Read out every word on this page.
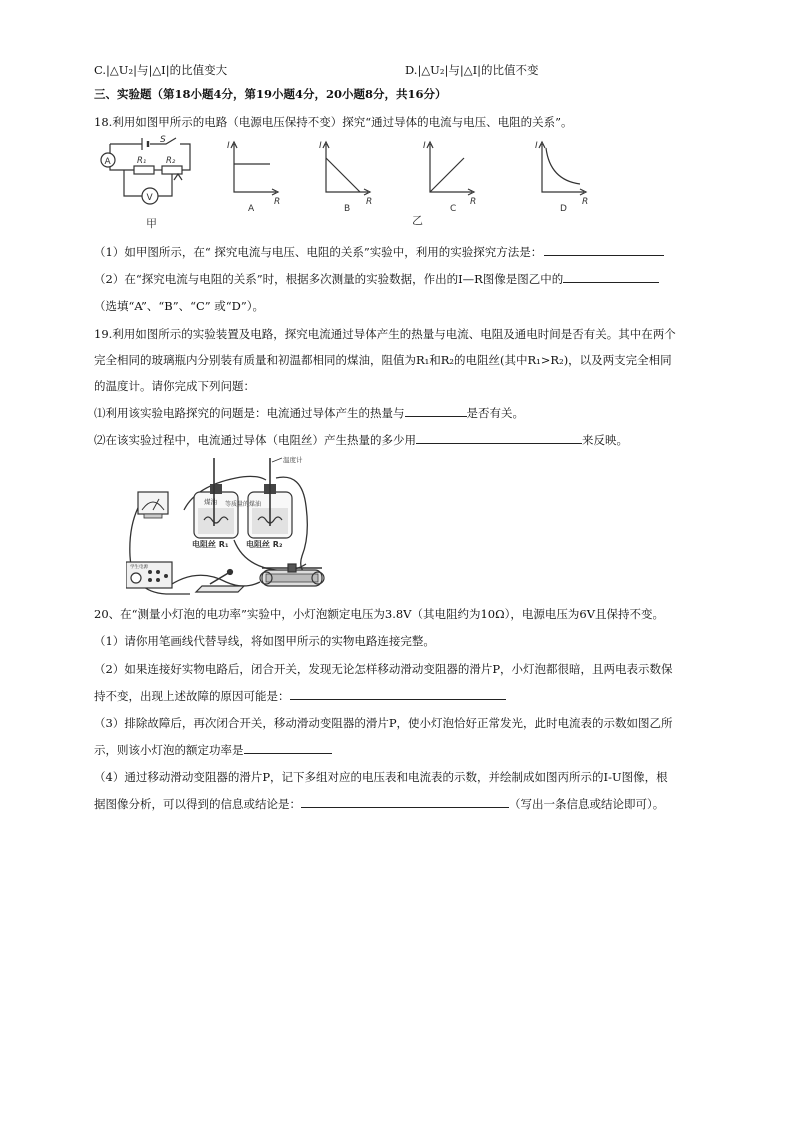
C.|△U₂|与|△I|的比值变大	D.|△U₂|与|△I|的比值不变
三、实验题（第18小题4分，第19小题4分，20小题8分，共16分）
18.利用如图甲所示的电路（电源电压保持不变）探究“通过导体的电流与电压、电阻的关系”。
A
S
R₁ R₂
V
甲
I
R
A
I
R
B
I
R
C
乙
I
R
D
（1）如甲图所示，在“ 探究电流与电压、电阻的关系”实验中，利用的实验探究方法是：
（2）在“探究电流与电阻的关系”时，根据多次测量的实验数据，作出的I—R图像是图乙中的
（选填“A”、“B”、“C” 或“D”）。
19.利用如图所示的实验装置及电路，探究电流通过导体产生的热量与电流、电阻及通电时间是否有关。其中在两个
完全相同的玻璃瓶内分别装有质量和初温都相同的煤油，阻值为R₁和R₂的电阻丝(其中R₁>R₂)，以及两支完全相同
的温度计。请你完成下列问题：
⑴利用该实验电路探究的问题是：电流通过导体产生的热量与	是否有关。
⑵在该实验过程中，电流通过导体（电阻丝）产生热量的多少用	来反映。
温度计
煤油 等质量的煤油
电阻丝 R₁ 电阻丝 R₂
学生电源
20、在“测量小灯泡的电功率”实验中，小灯泡额定电压为3.8V（其电阻约为10Ω），电源电压为6V且保持不变。
（1）请你用笔画线代替导线，将如图甲所示的实物电路连接完整。
（2）如果连接好实物电路后，闭合开关，发现无论怎样移动滑动变阻器的滑片P，小灯泡都很暗，且两电表示数保
持不变，出现上述故障的原因可能是：
（3）排除故障后，再次闭合开关，移动滑动变阻器的滑片P，使小灯泡恰好正常发光，此时电流表的示数如图乙所
示，则该小灯泡的额定功率是
（4）通过移动滑动变阻器的滑片P，记下多组对应的电压表和电流表的示数，并绘制成如图丙所示的I-U图像，根
据图像分析，可以得到的信息或结论是：	（写出一条信息或结论即可）。
